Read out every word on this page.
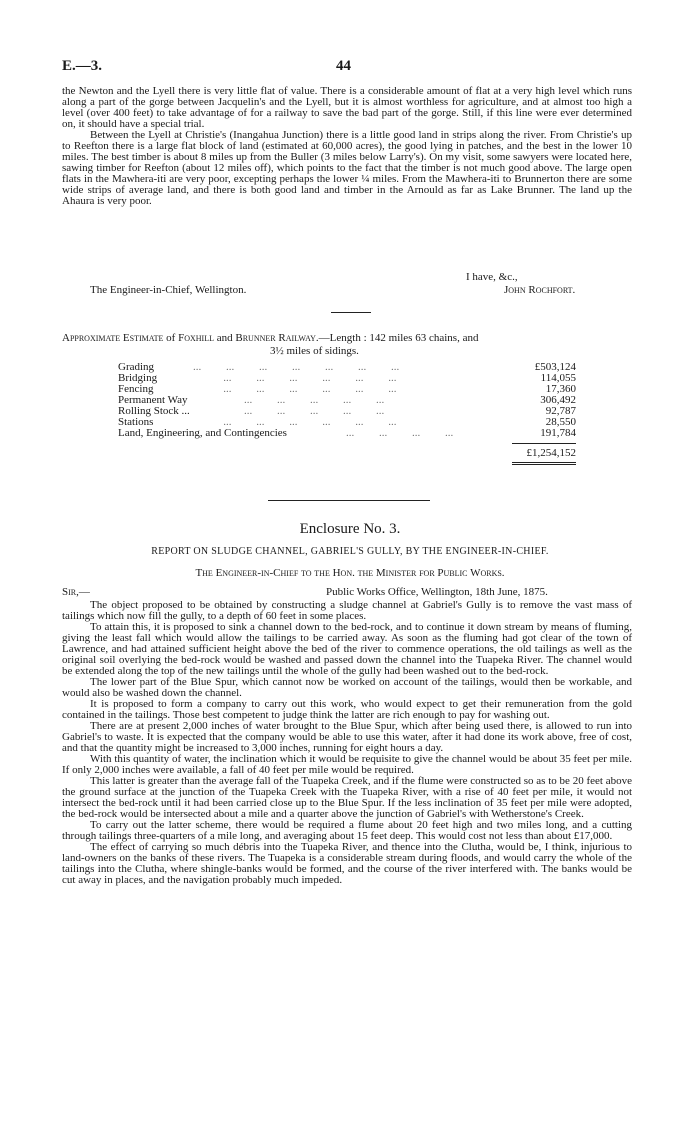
E.—3.	44

the Newton and the Lyell there is very little flat of value. There is a considerable amount of flat at a very high level which runs along a part of the gorge between Jacquelin's and the Lyell, but it is almost worthless for agriculture, and at almost too high a level (over 400 feet) to take advantage of for a railway to save the bad part of the gorge. Still, if this line were ever determined on, it should have a special trial.

Between the Lyell at Christie's (Inangahua Junction) there is a little good land in strips along the river. From Christie's up to Reefton there is a large flat block of land (estimated at 60,000 acres), the good lying in patches, and the best in the lower 10 miles. The best timber is about 8 miles up from the Buller (3 miles below Larry's). On my visit, some sawyers were located here, sawing timber for Reefton (about 12 miles off), which points to the fact that the timber is not much good above. The large open flats in the Mawhera-iti are very poor, excepting perhaps the lower ¼ miles. From the Mawhera-iti to Brunnerton there are some wide strips of average land, and there is both good land and timber in the Arnould as far as Lake Brunner. The land up the Ahaura is very poor.

I have, &c.,
The Engineer-in-Chief, Wellington.	John Rochfort.
Approximate Estimate of Foxhill and Brunner Railway.—Length : 142 miles 63 chains, and
3½ miles of sidings.
Grading	...         ...         ...         ...         ...         ...         ...	£503,124
Bridging	...         ...         ...         ...         ...         ...	114,055
Fencing	...         ...         ...         ...         ...         ...	17,360
Permanent Way	...         ...         ...         ...         ...	306,492
Rolling Stock ...	...         ...         ...         ...         ...	92,787
Stations	...         ...         ...         ...         ...         ...	28,550
Land, Engineering, and Contingencies	...         ...         ...         ...	191,784
£1,254,152
Enclosure No. 3.
REPORT ON SLUDGE CHANNEL, GABRIEL'S GULLY, BY THE ENGINEER-IN-CHIEF.
The Engineer-in-Chief to the Hon. the Minister for Public Works.
Sir,—	Public Works Office, Wellington, 18th June, 1875.

The object proposed to be obtained by constructing a sludge channel at Gabriel's Gully is to remove the vast mass of tailings which now fill the gully, to a depth of 60 feet in some places.

To attain this, it is proposed to sink a channel down to the bed-rock, and to continue it down stream by means of fluming, giving the least fall which would allow the tailings to be carried away. As soon as the fluming had got clear of the town of Lawrence, and had attained sufficient height above the bed of the river to commence operations, the old tailings as well as the original soil overlying the bed-rock would be washed and passed down the channel into the Tuapeka River. The channel would be extended along the top of the new tailings until the whole of the gully had been washed out to the bed-rock.

The lower part of the Blue Spur, which cannot now be worked on account of the tailings, would then be workable, and would also be washed down the channel.

It is proposed to form a company to carry out this work, who would expect to get their remuneration from the gold contained in the tailings. Those best competent to judge think the latter are rich enough to pay for washing out.

There are at present 2,000 inches of water brought to the Blue Spur, which after being used there, is allowed to run into Gabriel's to waste. It is expected that the company would be able to use this water, after it had done its work above, free of cost, and that the quantity might be increased to 3,000 inches, running for eight hours a day.

With this quantity of water, the inclination which it would be requisite to give the channel would be about 35 feet per mile. If only 2,000 inches were available, a fall of 40 feet per mile would be required.

This latter is greater than the average fall of the Tuapeka Creek, and if the flume were constructed so as to be 20 feet above the ground surface at the junction of the Tuapeka Creek with the Tuapeka River, with a rise of 40 feet per mile, it would not intersect the bed-rock until it had been carried close up to the Blue Spur. If the less inclination of 35 feet per mile were adopted, the bed-rock would be intersected about a mile and a quarter above the junction of Gabriel's with Wetherstone's Creek.

To carry out the latter scheme, there would be required a flume about 20 feet high and two miles long, and a cutting through tailings three-quarters of a mile long, and averaging about 15 feet deep. This would cost not less than about £17,000.

The effect of carrying so much débris into the Tuapeka River, and thence into the Clutha, would be, I think, injurious to land-owners on the banks of these rivers. The Tuapeka is a considerable stream during floods, and would carry the whole of the tailings into the Clutha, where shingle-banks would be formed, and the course of the river interfered with. The banks would be cut away in places, and the navigation probably much impeded.
